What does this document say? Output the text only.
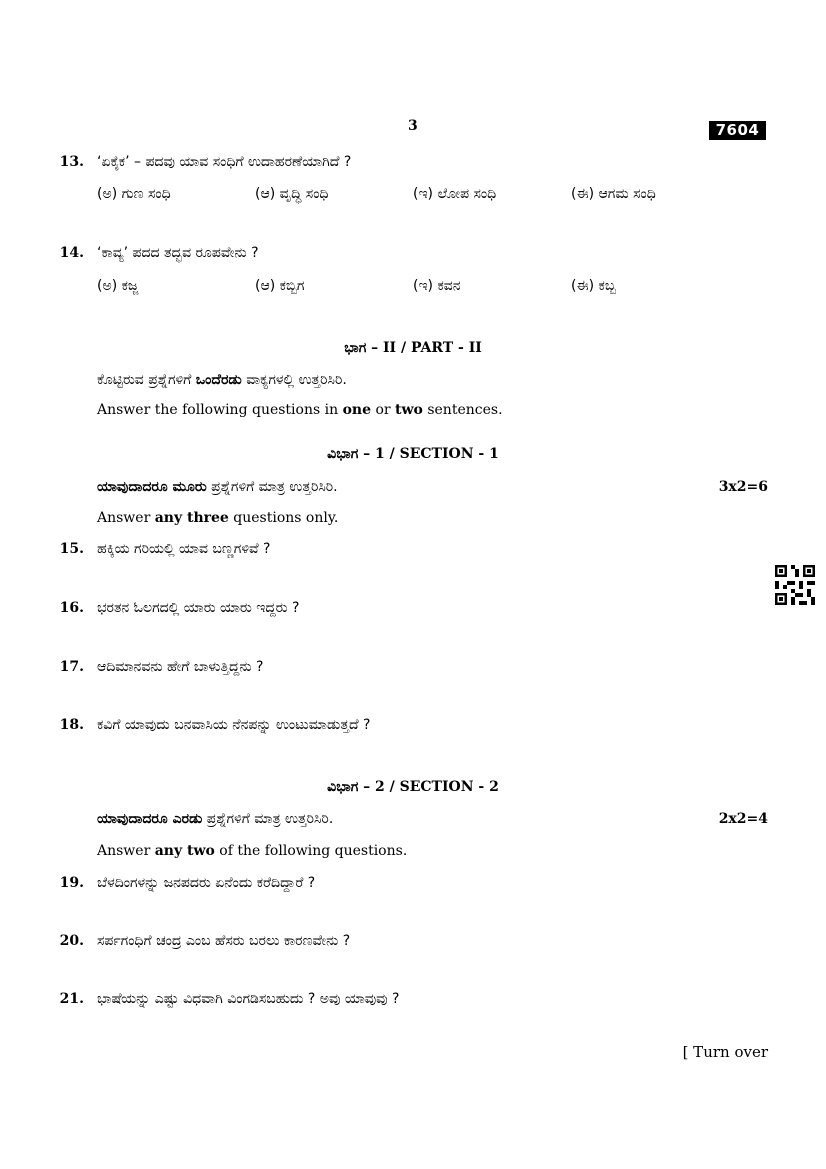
3	7604
13. ‘ಏಕೈಕ’ – ಪದವು ಯಾವ ಸಂಧಿಗೆ ಉದಾಹರಣೆಯಾಗಿದೆ ?
(ಅ) ಗುಣ ಸಂಧಿ	(ಆ) ವೃದ್ಧಿ ಸಂಧಿ	(ಇ) ಲೋಪ ಸಂಧಿ	(ಈ) ಆಗಮ ಸಂಧಿ
14. ‘ಕಾವ್ಯ’ ಪದದ ತದ್ಭವ ರೂಪವೇನು ?
(ಅ) ಕಜ್ಜ	(ಆ) ಕಬ್ಬಿಗ	(ಇ) ಕವನ	(ಈ) ಕಬ್ಬ
ಭಾಗ – II / PART - II
ಕೊಟ್ಟಿರುವ ಪ್ರಶ್ನೆಗಳಿಗೆ ಒಂದೆರಡು ವಾಕ್ಯಗಳಲ್ಲಿ ಉತ್ತರಿಸಿರಿ.
Answer the following questions in one or two sentences.
ವಿಭಾಗ – 1 / SECTION - 1
ಯಾವುದಾದರೂ ಮೂರು ಪ್ರಶ್ನೆಗಳಿಗೆ ಮಾತ್ರ ಉತ್ತರಿಸಿರಿ.	3x2=6
Answer any three questions only.
15. ಹಕ್ಕಿಯ ಗರಿಯಲ್ಲಿ ಯಾವ ಬಣ್ಣಗಳಿವೆ ?
16. ಭರತನ ಓಲಗದಲ್ಲಿ ಯಾರು ಯಾರು ಇದ್ದರು ?
17. ಆದಿಮಾನವನು ಹೇಗೆ ಬಾಳುತ್ತಿದ್ದನು ?
18. ಕವಿಗೆ ಯಾವುದು ಬನವಾಸಿಯ ನೆನಪನ್ನು ಉಂಟುಮಾಡುತ್ತದೆ ?
ವಿಭಾಗ – 2 / SECTION - 2
ಯಾವುದಾದರೂ ಎರಡು ಪ್ರಶ್ನೆಗಳಿಗೆ ಮಾತ್ರ ಉತ್ತರಿಸಿರಿ.	2x2=4
Answer any two of the following questions.
19. ಬೆಳದಿಂಗಳನ್ನು ಜನಪದರು ಏನೆಂದು ಕರೆದಿದ್ದಾರೆ ?
20. ಸರ್ಪಗಂಧಿಗೆ ಚಂದ್ರ ಎಂಬ ಹೆಸರು ಬರಲು ಕಾರಣವೇನು ?
21. ಭಾಷೆಯನ್ನು ಎಷ್ಟು ವಿಧವಾಗಿ ವಿಂಗಡಿಸಬಹುದು ? ಅವು ಯಾವುವು ?
[ Turn over
